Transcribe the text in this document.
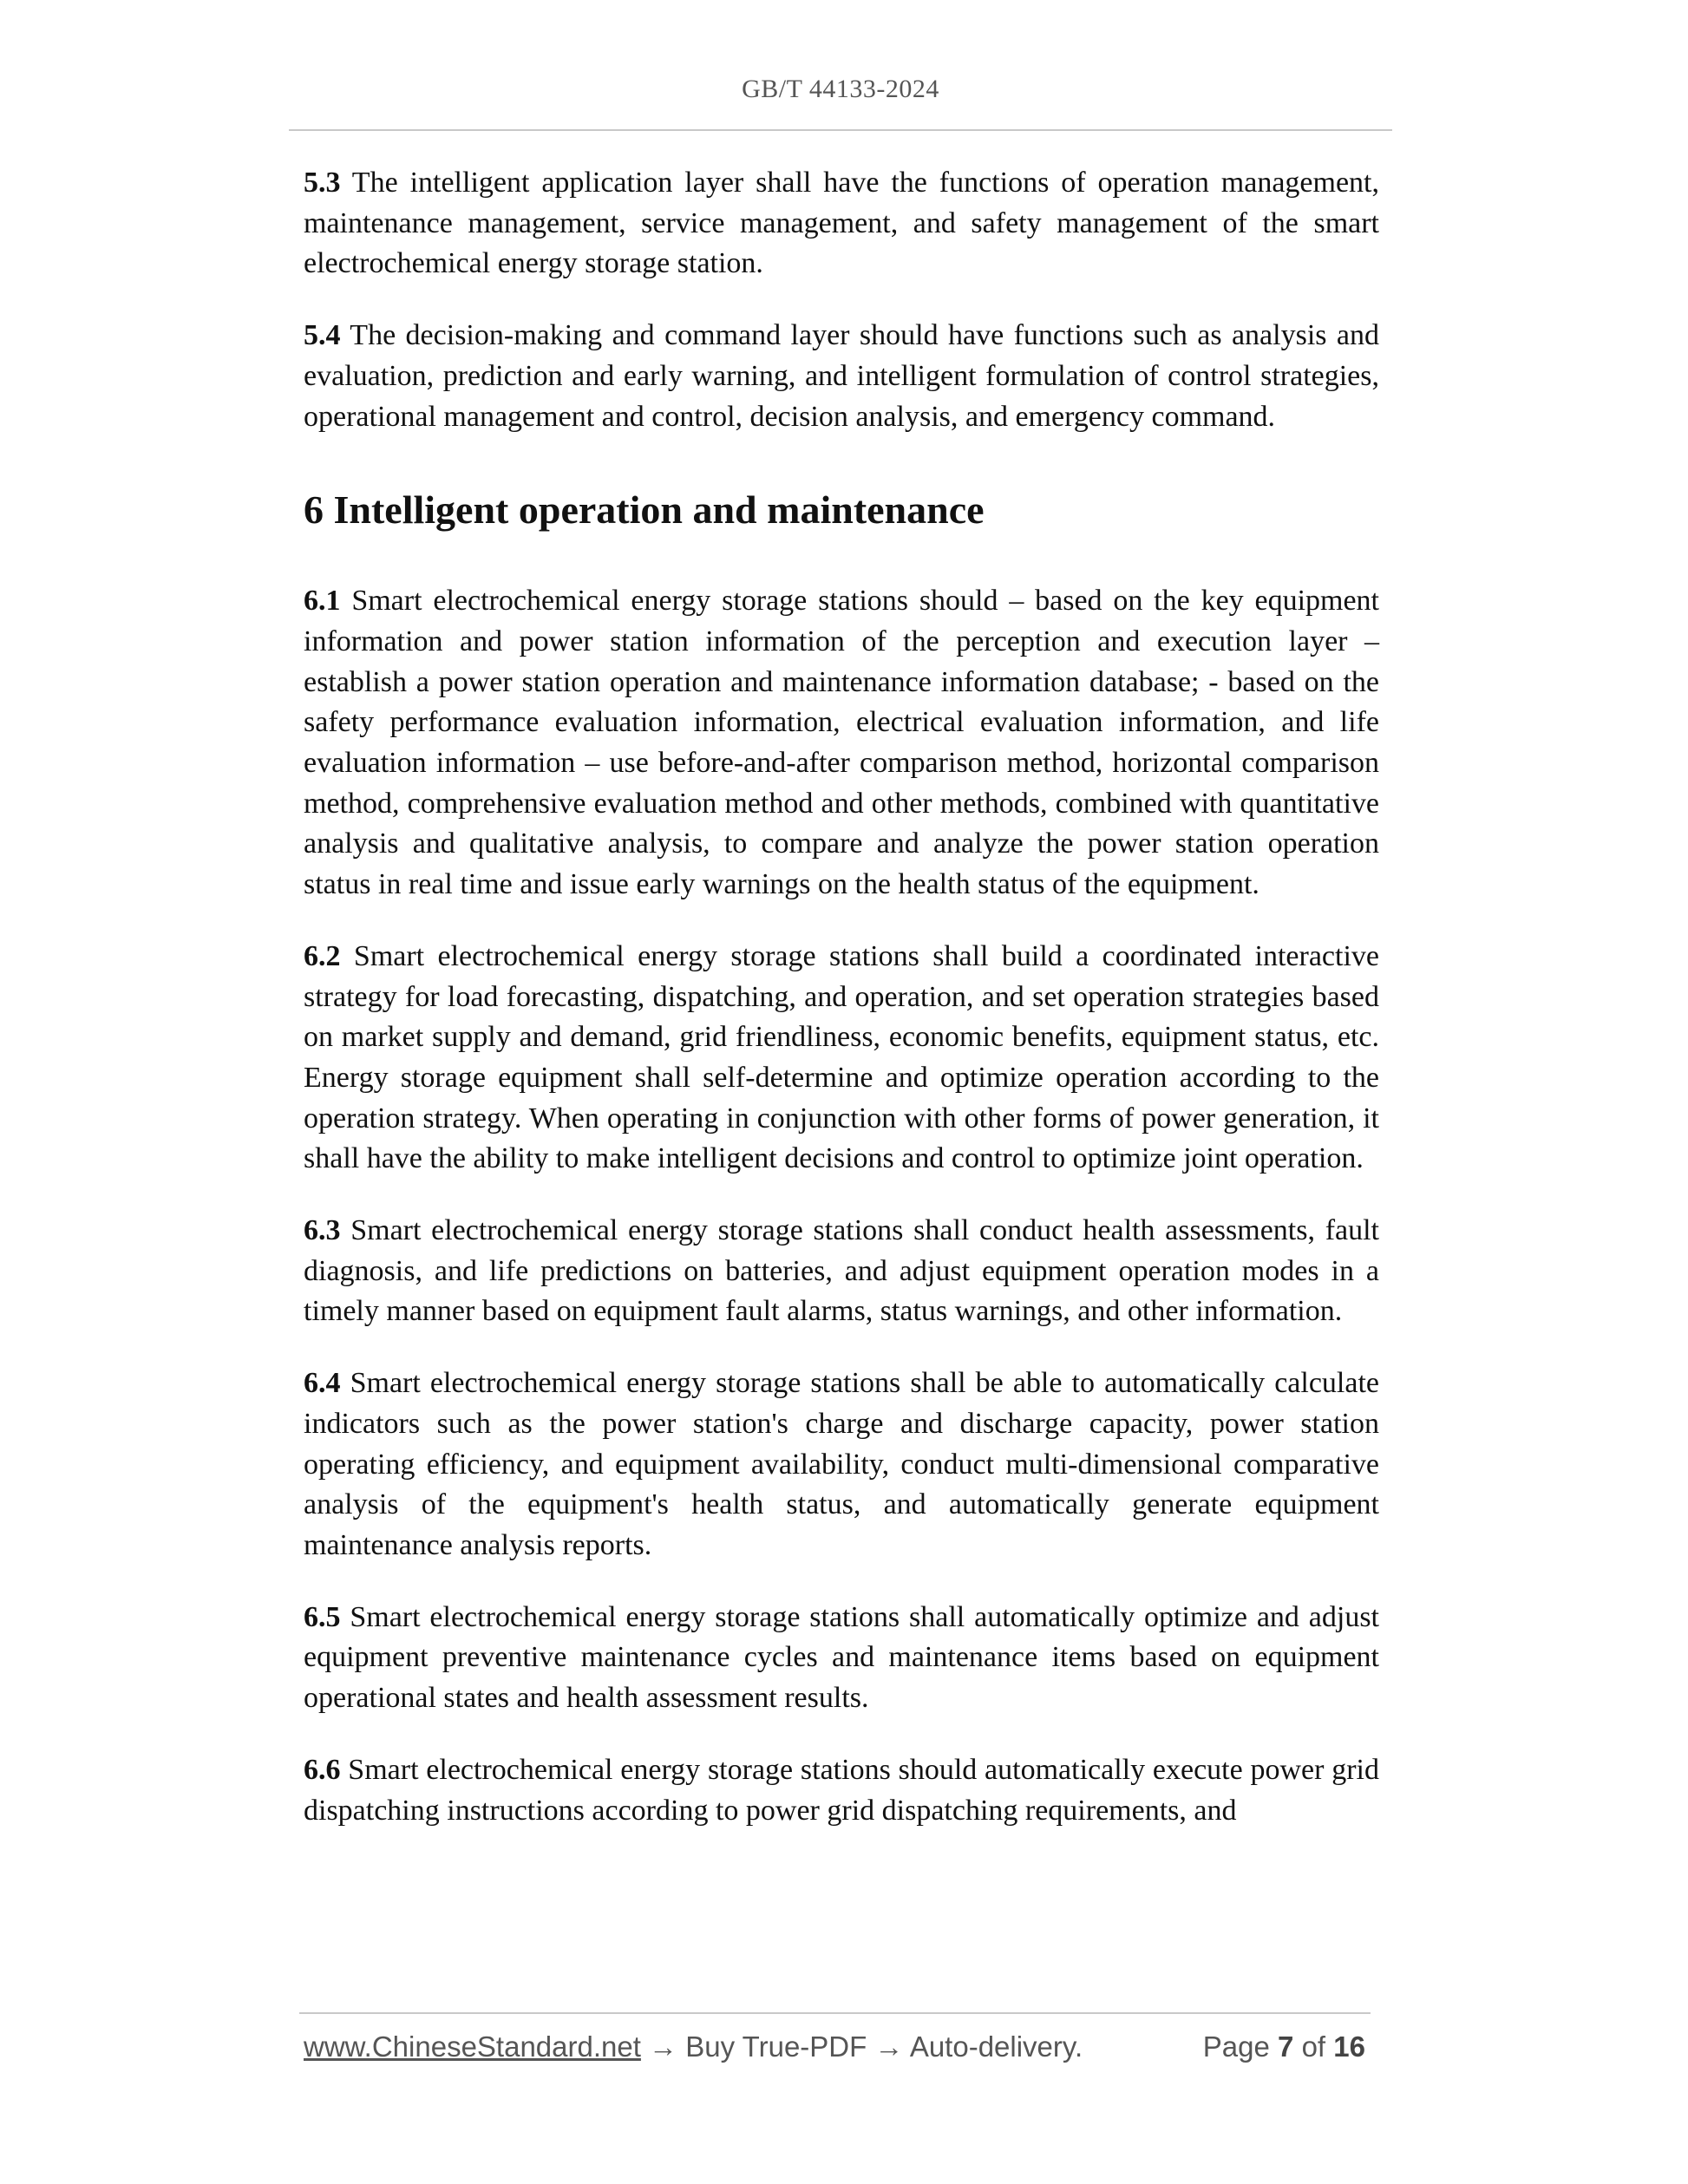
GB/T 44133-2024

5.3 The intelligent application layer shall have the functions of operation management, maintenance management, service management, and safety management of the smart electrochemical energy storage station.

5.4 The decision-making and command layer should have functions such as analysis and evaluation, prediction and early warning, and intelligent formulation of control strategies, operational management and control, decision analysis, and emergency command.

6 Intelligent operation and maintenance

6.1 Smart electrochemical energy storage stations should – based on the key equipment information and power station information of the perception and execution layer – establish a power station operation and maintenance information database; - based on the safety performance evaluation information, electrical evaluation information, and life evaluation information – use before-and-after comparison method, horizontal comparison method, comprehensive evaluation method and other methods, combined with quantitative analysis and qualitative analysis, to compare and analyze the power station operation status in real time and issue early warnings on the health status of the equipment.

6.2 Smart electrochemical energy storage stations shall build a coordinated interactive strategy for load forecasting, dispatching, and operation, and set operation strategies based on market supply and demand, grid friendliness, economic benefits, equipment status, etc. Energy storage equipment shall self-determine and optimize operation according to the operation strategy. When operating in conjunction with other forms of power generation, it shall have the ability to make intelligent decisions and control to optimize joint operation.

6.3 Smart electrochemical energy storage stations shall conduct health assessments, fault diagnosis, and life predictions on batteries, and adjust equipment operation modes in a timely manner based on equipment fault alarms, status warnings, and other information.

6.4 Smart electrochemical energy storage stations shall be able to automatically calculate indicators such as the power station's charge and discharge capacity, power station operating efficiency, and equipment availability, conduct multi-dimensional comparative analysis of the equipment's health status, and automatically generate equipment maintenance analysis reports.

6.5 Smart electrochemical energy storage stations shall automatically optimize and adjust equipment preventive maintenance cycles and maintenance items based on equipment operational states and health assessment results.

6.6 Smart electrochemical energy storage stations should automatically execute power grid dispatching instructions according to power grid dispatching requirements, and

www.ChineseStandard.net → Buy True-PDF → Auto-delivery.	Page 7 of 16
